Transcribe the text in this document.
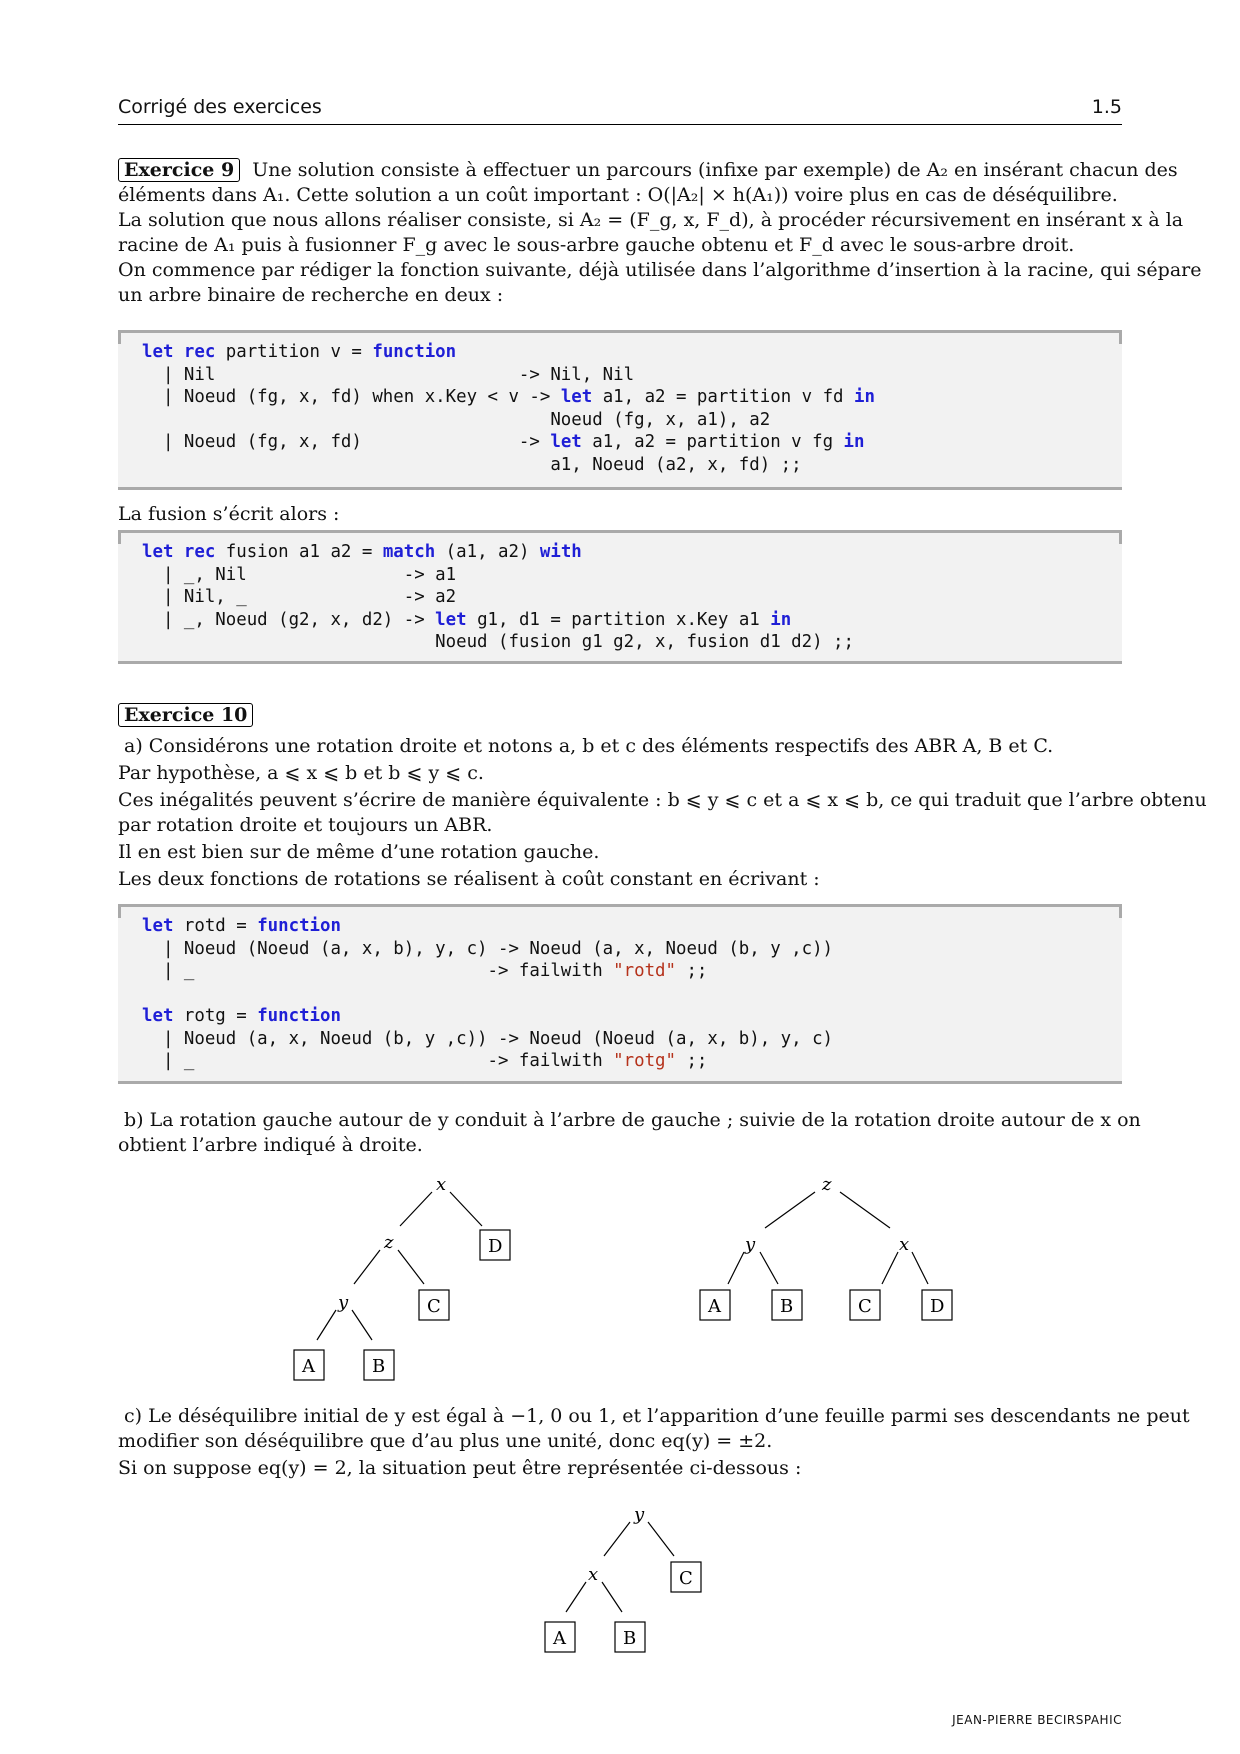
Corrigé des exercices	1.5
Exercice 9 Une solution consiste à effectuer un parcours (infixe par exemple) de A₂ en insérant chacun des
éléments dans A₁. Cette solution a un coût important : O(|A₂| × h(A₁)) voire plus en cas de déséquilibre.
La solution que nous allons réaliser consiste, si A₂ = (F_g, x, F_d), à procéder récursivement en insérant x à la
racine de A₁ puis à fusionner F_g avec le sous-arbre gauche obtenu et F_d avec le sous-arbre droit.
On commence par rédiger la fonction suivante, déjà utilisée dans l’algorithme d’insertion à la racine, qui sépare
un arbre binaire de recherche en deux :
let rec partition v = function
| Nil                             -> Nil, Nil
| Noeud (fg, x, fd) when x.Key < v -> let a1, a2 = partition v fd in
Noeud (fg, x, a1), a2
| Noeud (fg, x, fd)               -> let a1, a2 = partition v fg in
a1, Noeud (a2, x, fd) ;;
La fusion s’écrit alors :
let rec fusion a1 a2 = match (a1, a2) with
| _, Nil               -> a1
| Nil, _               -> a2
| _, Noeud (g2, x, d2) -> let g1, d1 = partition x.Key a1 in
Noeud (fusion g1 g2, x, fusion d1 d2) ;;
Exercice 10
a) Considérons une rotation droite et notons a, b et c des éléments respectifs des ABR A, B et C.
Par hypothèse, a ⩽ x ⩽ b et b ⩽ y ⩽ c.
Ces inégalités peuvent s’écrire de manière équivalente : b ⩽ y ⩽ c et a ⩽ x ⩽ b, ce qui traduit que l’arbre obtenu
par rotation droite et toujours un ABR.
Il en est bien sur de même d’une rotation gauche.
Les deux fonctions de rotations se réalisent à coût constant en écrivant :
let rotd = function
| Noeud (Noeud (a, x, b), y, c) -> Noeud (a, x, Noeud (b, y ,c))
| _                            -> failwith "rotd" ;;

let rotg = function
| Noeud (a, x, Noeud (b, y ,c)) -> Noeud (Noeud (a, x, b), y, c)
| _                            -> failwith "rotg" ;;
b) La rotation gauche autour de y conduit à l’arbre de gauche ; suivie de la rotation droite autour de x on
obtient l’arbre indiqué à droite.
x
z
y
D
C
A	B
z
y	x
A	B	C	D
c) Le déséquilibre initial de y est égal à −1, 0 ou 1, et l’apparition d’une feuille parmi ses descendants ne peut
modifier son déséquilibre que d’au plus une unité, donc eq(y) = ±2.
Si on suppose eq(y) = 2, la situation peut être représentée ci-dessous :
y
x	C
A	B
JEAN-PIERRE BECIRSPAHIC
